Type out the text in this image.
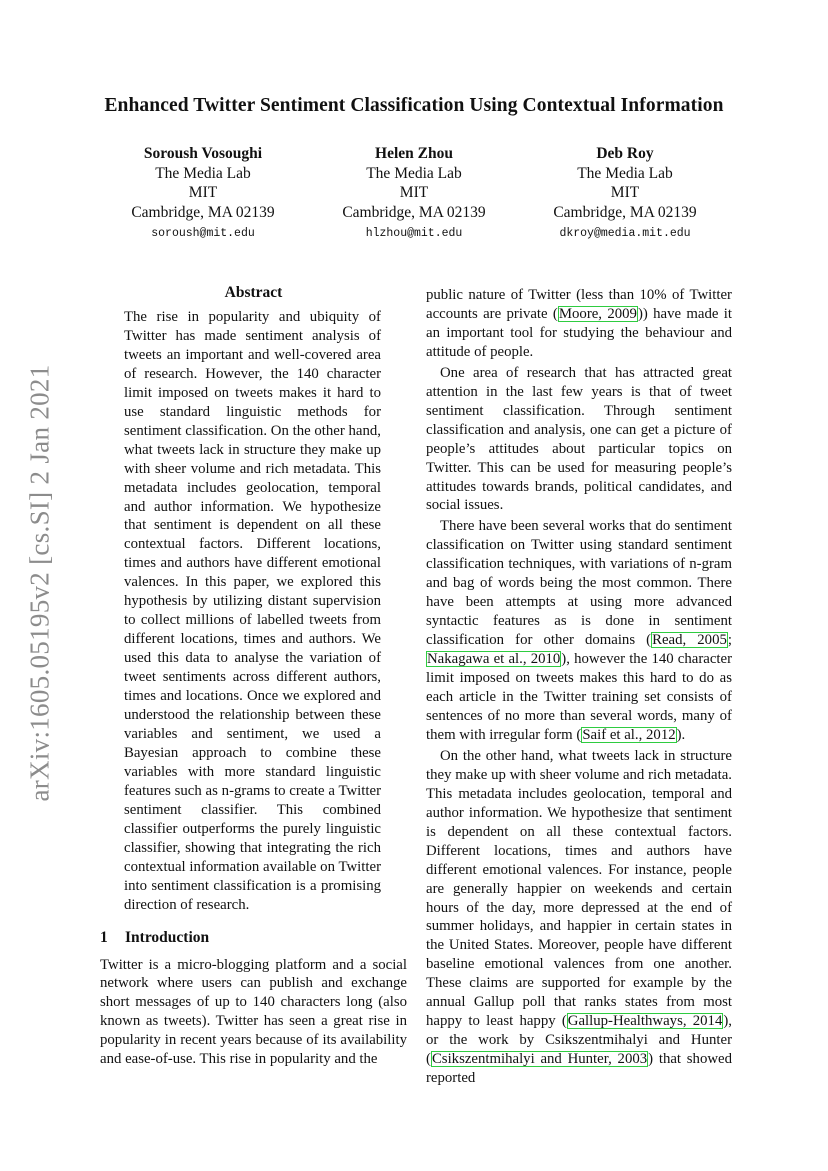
Enhanced Twitter Sentiment Classification Using Contextual Information
Soroush Vosoughi
The Media Lab
MIT
Cambridge, MA 02139
soroush@mit.edu
Helen Zhou
The Media Lab
MIT
Cambridge, MA 02139
hlzhou@mit.edu
Deb Roy
The Media Lab
MIT
Cambridge, MA 02139
dkroy@media.mit.edu
arXiv:1605.05195v2 [cs.SI] 2 Jan 2021
Abstract
The rise in popularity and ubiquity of Twitter has made sentiment analysis of tweets an important and well-covered area of research. However, the 140 character limit imposed on tweets makes it hard to use standard linguistic methods for sentiment classification. On the other hand, what tweets lack in structure they make up with sheer volume and rich metadata. This metadata includes geolocation, temporal and author information. We hypothesize that sentiment is dependent on all these contextual factors. Different locations, times and authors have different emotional valences. In this paper, we explored this hypothesis by utilizing distant supervision to collect millions of labelled tweets from different locations, times and authors. We used this data to analyse the variation of tweet sentiments across different authors, times and locations. Once we explored and understood the relationship between these variables and sentiment, we used a Bayesian approach to combine these variables with more standard linguistic features such as n-grams to create a Twitter sentiment classifier. This combined classifier outperforms the purely linguistic classifier, showing that integrating the rich contextual information available on Twitter into sentiment classification is a promising direction of research.
1 Introduction

Twitter is a micro-blogging platform and a social network where users can publish and exchange short messages of up to 140 characters long (also known as tweets). Twitter has seen a great rise in popularity in recent years because of its availability and ease-of-use. This rise in popularity and the

public nature of Twitter (less than 10% of Twitter accounts are private (Moore, 2009)) have made it an important tool for studying the behaviour and attitude of people.

One area of research that has attracted great attention in the last few years is that of tweet sentiment classification. Through sentiment classification and analysis, one can get a picture of people’s attitudes about particular topics on Twitter. This can be used for measuring people’s attitudes towards brands, political candidates, and social issues.

There have been several works that do sentiment classification on Twitter using standard sentiment classification techniques, with variations of n-gram and bag of words being the most common. There have been attempts at using more advanced syntactic features as is done in sentiment classification for other domains (Read, 2005; Nakagawa et al., 2010), however the 140 character limit imposed on tweets makes this hard to do as each article in the Twitter training set consists of sentences of no more than several words, many of them with irregular form (Saif et al., 2012).

On the other hand, what tweets lack in structure they make up with sheer volume and rich metadata. This metadata includes geolocation, temporal and author information. We hypothesize that sentiment is dependent on all these contextual factors. Different locations, times and authors have different emotional valences. For instance, people are generally happier on weekends and certain hours of the day, more depressed at the end of summer holidays, and happier in certain states in the United States. Moreover, people have different baseline emotional valences from one another. These claims are supported for example by the annual Gallup poll that ranks states from most happy to least happy (Gallup-Healthways, 2014), or the work by Csikszentmihalyi and Hunter (Csikszentmihalyi and Hunter, 2003) that showed reported
